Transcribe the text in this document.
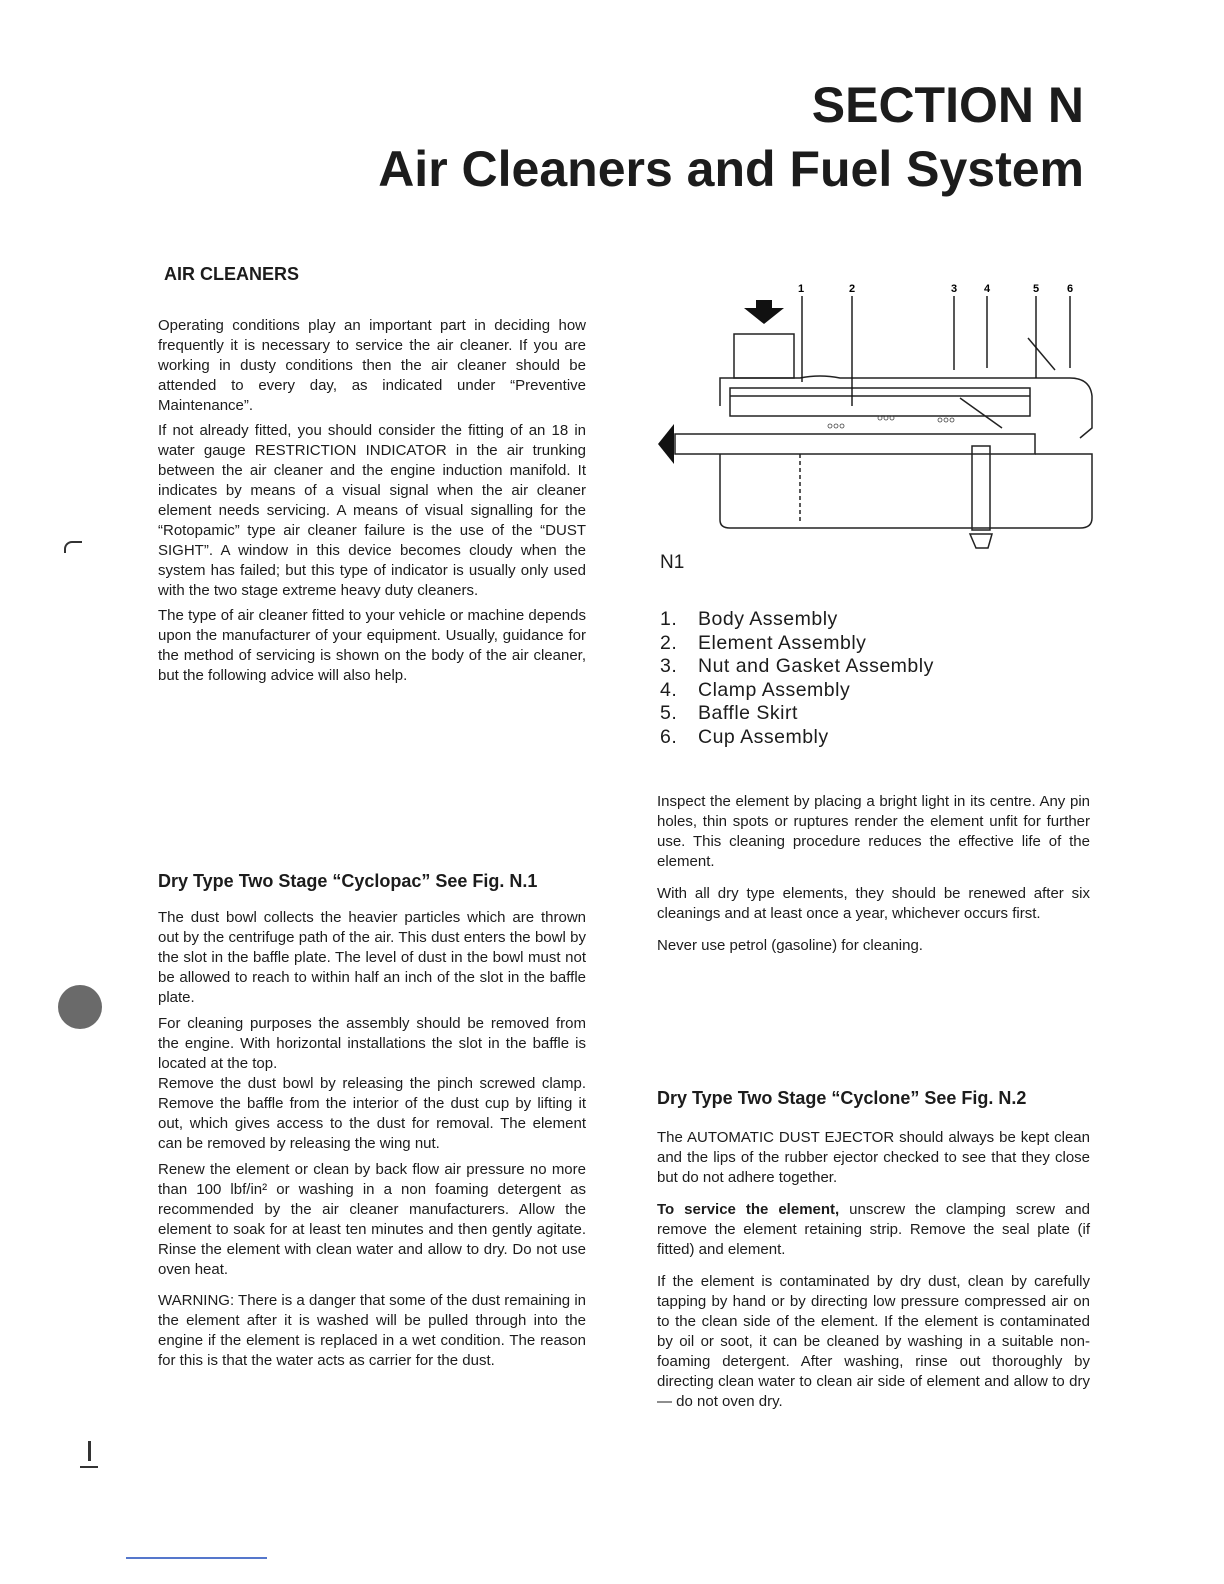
SECTION N
Air Cleaners and Fuel System
AIR CLEANERS

Operating conditions play an important part in deciding how frequently it is necessary to service the air cleaner. If you are working in dusty conditions then the air cleaner should be attended to every day, as indicated under “Preventive Maintenance”.

If not already fitted, you should consider the fitting of an 18 in water gauge RESTRICTION INDICATOR in the air trunking between the air cleaner and the engine induction manifold. It indicates by means of a visual signal when the air cleaner element needs servicing. A means of visual signalling for the “Rotopamic” type air cleaner failure is the use of the “DUST SIGHT”. A window in this device becomes cloudy when the system has failed; but this type of indicator is usually only used with the two stage extreme heavy duty cleaners.

The type of air cleaner fitted to your vehicle or machine depends upon the manufacturer of your equipment. Usually, guidance for the method of servicing is shown on the body of the air cleaner, but the following advice will also help.

1	2	3 4	5	6
N1
1.	Body Assembly
2.	Element Assembly
3.	Nut and Gasket Assembly
4.	Clamp Assembly
5.	Baffle Skirt
6.	Cup Assembly

Inspect the element by placing a bright light in its centre. Any pin holes, thin spots or ruptures render the element unfit for further use. This cleaning procedure reduces the effective life of the element.

With all dry type elements, they should be renewed after six cleanings and at least once a year, whichever occurs first.

Never use petrol (gasoline) for cleaning.

Dry Type Two Stage “Cyclopac” See Fig. N.1

The dust bowl collects the heavier particles which are thrown out by the centrifuge path of the air. This dust enters the bowl by the slot in the baffle plate. The level of dust in the bowl must not be allowed to reach to within half an inch of the slot in the baffle plate.

For cleaning purposes the assembly should be removed from the engine. With horizontal installations the slot in the baffle is located at the top.

Remove the dust bowl by releasing the pinch screwed clamp. Remove the baffle from the interior of the dust cup by lifting it out, which gives access to the dust for removal. The element can be removed by releasing the wing nut.

Renew the element or clean by back flow air pressure no more than 100 lbf/in² or washing in a non foaming detergent as recommended by the air cleaner manufacturers. Allow the element to soak for at least ten minutes and then gently agitate. Rinse the element with clean water and allow to dry. Do not use oven heat.

WARNING: There is a danger that some of the dust remaining in the element after it is washed will be pulled through into the engine if the element is replaced in a wet condition. The reason for this is that the water acts as carrier for the dust.

Dry Type Two Stage “Cyclone” See Fig. N.2

The AUTOMATIC DUST EJECTOR should always be kept clean and the lips of the rubber ejector checked to see that they close but do not adhere together.

To service the element, unscrew the clamping screw and remove the element retaining strip. Remove the seal plate (if fitted) and element.

If the element is contaminated by dry dust, clean by carefully tapping by hand or by directing low pressure compressed air on to the clean side of the element. If the element is contaminated by oil or soot, it can be cleaned by washing in a suitable non-foaming detergent. After washing, rinse out thoroughly by directing clean water to clean air side of element and allow to dry — do not oven dry.
